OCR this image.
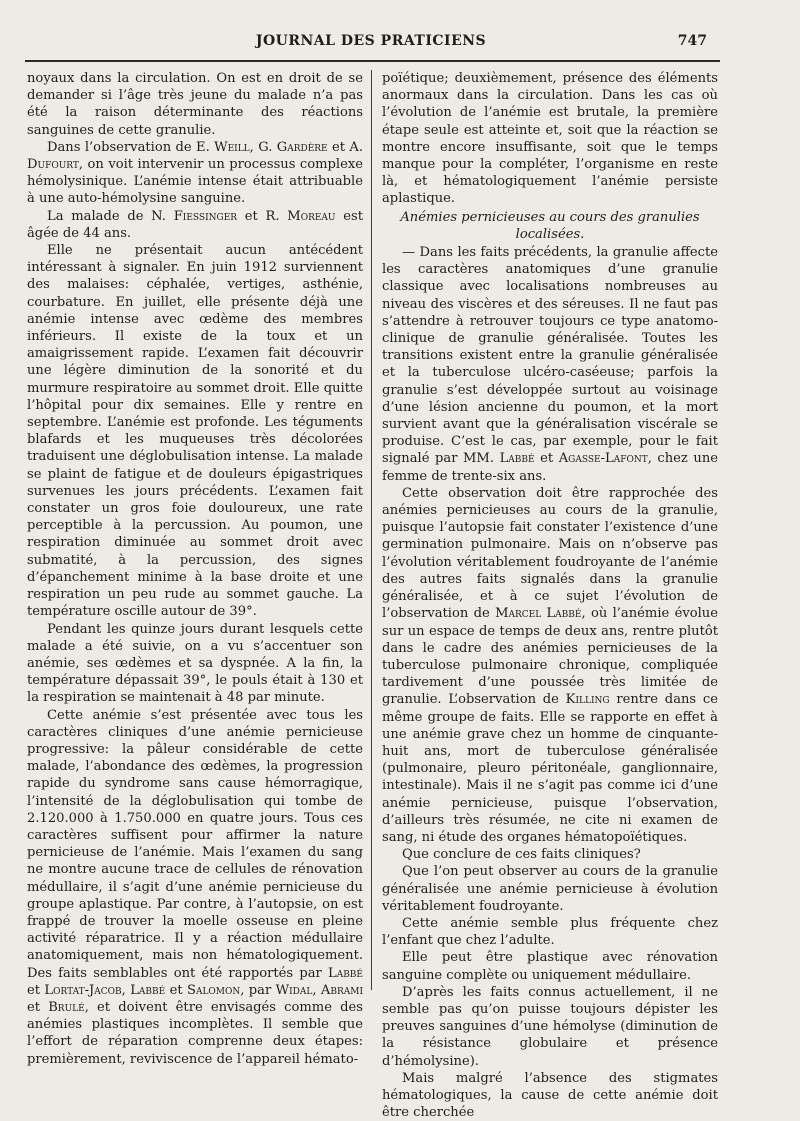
JOURNAL DES PRATICIENS	747

noyaux dans la circulation. On est en droit de se demander si l’âge très jeune du malade n’a pas été la raison déterminante des réactions sanguines de cette granulie.

Dans l’observation de E. Weill, G. Gardère et A. Dufourt, on voit intervenir un processus complexe hémolysinique. L’anémie intense était attribuable à une auto-hémolysine sanguine.

La malade de N. Fiessinger et R. Moreau est âgée de 44 ans.

Elle ne présentait aucun antécédent intéressant à signaler. En juin 1912 surviennent des malaises: céphalée, vertiges, asthénie, courbature. En juillet, elle présente déjà une anémie intense avec œdème des membres inférieurs. Il existe de la toux et un amaigrissement rapide. L’examen fait découvrir une légère diminution de la sonorité et du murmure respiratoire au sommet droit. Elle quitte l’hôpital pour dix semaines. Elle y rentre en septembre. L’anémie est profonde. Les téguments blafards et les muqueuses très décolorées traduisent une déglobulisation intense. La malade se plaint de fatigue et de douleurs épigastriques survenues les jours précédents. L’examen fait constater un gros foie douloureux, une rate perceptible à la percussion. Au poumon, une respiration diminuée au sommet droit avec submatité, à la percussion, des signes d’épanchement minime à la base droite et une respiration un peu rude au sommet gauche. La température oscille autour de 39°.

Pendant les quinze jours durant lesquels cette malade a été suivie, on a vu s’accentuer son anémie, ses œdèmes et sa dyspnée. A la fin, la température dépassait 39°, le pouls était à 130 et la respiration se maintenait à 48 par minute.

Cette anémie s’est présentée avec tous les caractères cliniques d’une anémie pernicieuse progressive: la pâleur considérable de cette malade, l’abondance des œdèmes, la progression rapide du syndrome sans cause hémorragique, l’intensité de la déglobulisation qui tombe de 2.120.000 à 1.750.000 en quatre jours. Tous ces caractères suffisent pour affirmer la nature pernicieuse de l’anémie. Mais l’examen du sang ne montre aucune trace de cellules de rénovation médullaire, il s’agit d’une anémie pernicieuse du groupe aplastique. Par contre, à l’autopsie, on est frappé de trouver la moelle osseuse en pleine activité réparatrice. Il y a réaction médullaire anatomiquement, mais non hématologiquement. Des faits semblables ont été rapportés par Labbé et Lortat-Jacob, Labbé et Salomon, par Widal, Abrami et Brulé, et doivent être envisagés comme des anémies plastiques incomplètes. Il semble que l’effort de réparation comprenne deux étapes: premièrement, reviviscence de l’appareil hémato-

poïétique; deuxièmement, présence des éléments anormaux dans la circulation. Dans les cas où l’évolution de l’anémie est brutale, la première étape seule est atteinte et, soit que la réaction se montre encore insuffisante, soit que le temps manque pour la compléter, l’organisme en reste là, et hématologiquement l’anémie persiste aplastique.

Anémies pernicieuses au cours des granulies localisées.

— Dans les faits précédents, la granulie affecte les caractères anatomiques d’une granulie classique avec localisations nombreuses au niveau des viscères et des séreuses. Il ne faut pas s’attendre à retrouver toujours ce type anatomo-clinique de granulie généralisée. Toutes les transitions existent entre la granulie généralisée et la tuberculose ulcéro-caséeuse; parfois la granulie s’est développée surtout au voisinage d’une lésion ancienne du poumon, et la mort survient avant que la généralisation viscérale se produise. C’est le cas, par exemple, pour le fait signalé par MM. Labbé et Agasse-Lafont, chez une femme de trente-six ans.

Cette observation doit être rapprochée des anémies pernicieuses au cours de la granulie, puisque l’autopsie fait constater l’existence d’une germination pulmonaire. Mais on n’observe pas l’évolution véritablement foudroyante de l’anémie des autres faits signalés dans la granulie généralisée, et à ce sujet l’évolution de l’observation de Marcel Labbé, où l’anémie évolue sur un espace de temps de deux ans, rentre plutôt dans le cadre des anémies pernicieuses de la tuberculose pulmonaire chronique, compliquée tardivement d’une poussée très limitée de granulie. L’observation de Killing rentre dans ce même groupe de faits. Elle se rapporte en effet à une anémie grave chez un homme de cinquante-huit ans, mort de tuberculose généralisée (pulmonaire, pleuro péritonéale, ganglionnaire, intestinale). Mais il ne s’agit pas comme ici d’une anémie pernicieuse, puisque l’observation, d’ailleurs très résumée, ne cite ni examen de sang, ni étude des organes hématopoïétiques.

Que conclure de ces faits cliniques?

Que l’on peut observer au cours de la granulie généralisée une anémie pernicieuse à évolution véritablement foudroyante.

Cette anémie semble plus fréquente chez l’enfant que chez l’adulte.

Elle peut être plastique avec rénovation sanguine complète ou uniquement médullaire.

D’après les faits connus actuellement, il ne semble pas qu’on puisse toujours dépister les preuves sanguines d’une hémolyse (diminution de la résistance globulaire et présence d’hémolysine).

Mais malgré l’absence des stigmates hématologiques, la cause de cette anémie doit être cherchée
